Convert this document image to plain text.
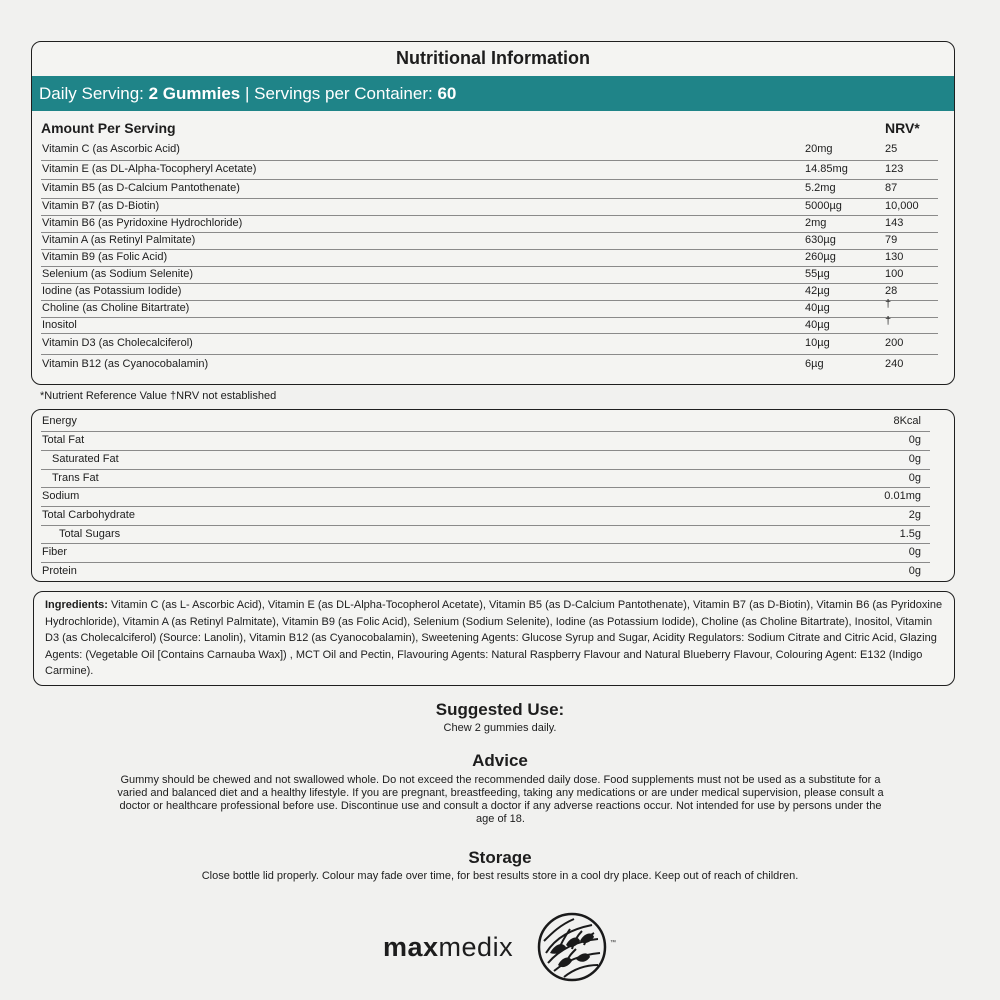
Nutritional Information
Daily Serving: 2 Gummies | Servings per Container: 60
Amount Per Serving	NRV*
Vitamin C (as Ascorbic Acid)	20mg	25
Vitamin E (as DL-Alpha-Tocopheryl Acetate)	14.85mg	123
Vitamin B5 (as D-Calcium Pantothenate)	5.2mg	87
Vitamin B7 (as D-Biotin)	5000µg	10,000
Vitamin B6 (as Pyridoxine Hydrochloride)	2mg	143
Vitamin A (as Retinyl Palmitate)	630µg	79
Vitamin B9 (as Folic Acid)	260µg	130
Selenium (as Sodium Selenite)	55µg	100
Iodine (as Potassium Iodide)	42µg	28
Choline (as Choline Bitartrate)	40µg	†
Inositol	40µg	†
Vitamin D3 (as Cholecalciferol)	10µg	200
Vitamin B12 (as Cyanocobalamin)	6µg	240
*Nutrient Reference Value †NRV not established
Energy	8Kcal
Total Fat	0g
Saturated Fat	0g
Trans Fat	0g
Sodium	0.01mg
Total Carbohydrate	2g
Total Sugars	1.5g
Fiber	0g
Protein	0g
Ingredients: Vitamin C (as L- Ascorbic Acid), Vitamin E (as DL-Alpha-Tocopherol Acetate), Vitamin B5 (as D-Calcium Pantothenate), Vitamin B7 (as D-Biotin), Vitamin B6 (as Pyridoxine Hydrochloride), Vitamin A (as Retinyl Palmitate), Vitamin B9 (as Folic Acid), Selenium (Sodium Selenite), Iodine (as Potassium Iodide), Choline (as Choline Bitartrate), Inositol, Vitamin D3 (as Cholecalciferol) (Source: Lanolin), Vitamin B12 (as Cyanocobalamin), Sweetening Agents: Glucose Syrup and Sugar, Acidity Regulators: Sodium Citrate and Citric Acid, Glazing Agents: (Vegetable Oil [Contains Carnauba Wax]) , MCT Oil and Pectin, Flavouring Agents: Natural Raspberry Flavour and Natural Blueberry Flavour, Colouring Agent: E132 (Indigo Carmine).
Suggested Use:
Chew 2 gummies daily.
Advice
Gummy should be chewed and not swallowed whole. Do not exceed the recommended daily dose. Food supplements must not be used as a substitute for a varied and balanced diet and a healthy lifestyle. If you are pregnant, breastfeeding, taking any medications or are under medical supervision, please consult a doctor or healthcare professional before use. Discontinue use and consult a doctor if any adverse reactions occur. Not intended for use by persons under the age of 18.
Storage
Close bottle lid properly. Colour may fade over time, for best results store in a cool dry place. Keep out of reach of children.
maxmedix	™
